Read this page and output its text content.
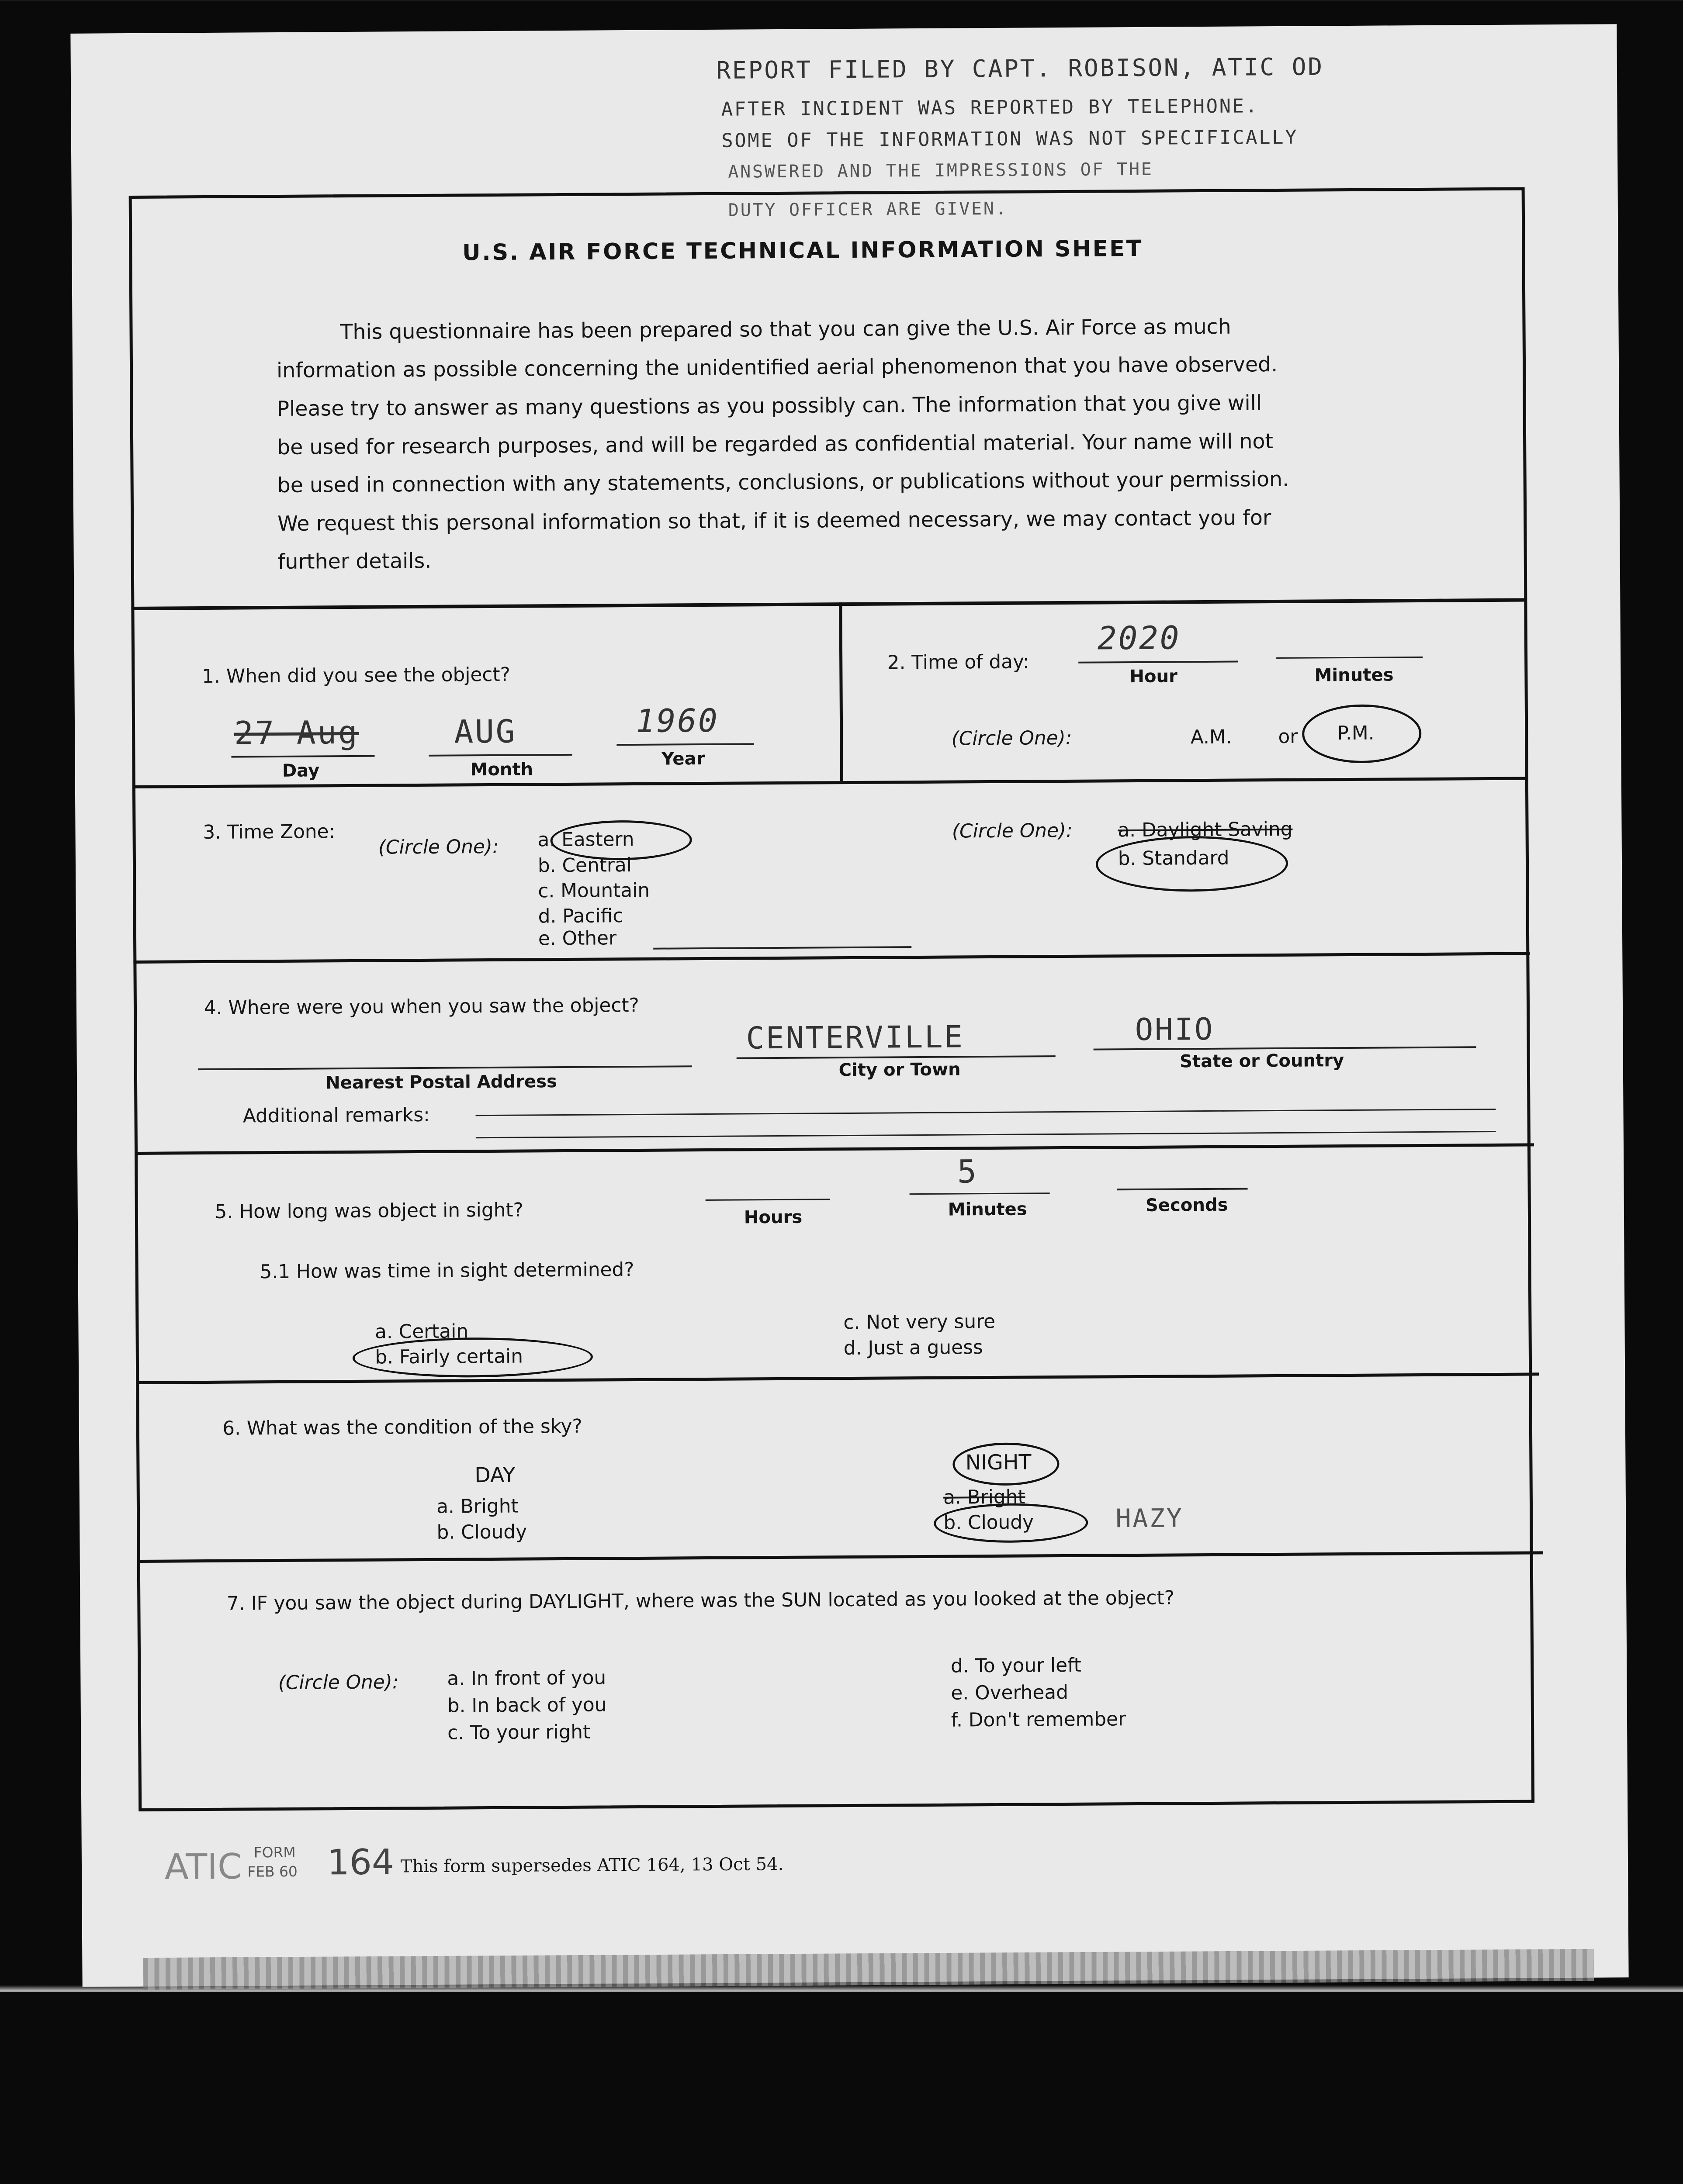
REPORT FILED BY CAPT. ROBISON, ATIC OD
AFTER INCIDENT WAS REPORTED BY TELEPHONE.
SOME OF THE INFORMATION WAS NOT SPECIFICALLY
ANSWERED AND THE IMPRESSIONS OF THE
DUTY OFFICER ARE GIVEN.
U.S. AIR FORCE TECHNICAL INFORMATION SHEET
This questionnaire has been prepared so that you can give the U.S. Air Force as much
information as possible concerning the unidentified aerial phenomenon that you have observed.
Please try to answer as many questions as you possibly can. The information that you give will
be used for research purposes, and will be regarded as confidential material. Your name will not
be used in connection with any statements, conclusions, or publications without your permission.
We request this personal information so that, if it is deemed necessary, we may contact you for
further details.
1. When did you see the object?
27 Aug
Day
AUG
Month
1960
Year
2. Time of day:
2020
Hour	Minutes
(Circle One):	A.M. or P.M.
3. Time Zone:
(Circle One): a. Eastern
b. Central
c. Mountain
d. Pacific
e. Other
(Circle One): a. Daylight Saving
b. Standard
4. Where were you when you saw the object?
Nearest Postal Address
CENTERVILLE
City or Town
OHIO
State or Country
Additional remarks:
5. How long was object in sight?	Hours
5
Minutes	Seconds
5.1 How was time in sight determined?
a. Certain
b. Fairly certain
c. Not very sure
d. Just a guess
6. What was the condition of the sky?
DAY
a. Bright
b. Cloudy
NIGHT
a. Bright
b. Cloudy	HAZY
7. IF you saw the object during DAYLIGHT, where was the SUN located as you looked at the object?
(Circle One):	a. In front of you
b. In back of you
c. To your right
d. To your left
e. Overhead
f. Don't remember
ATIC FORM
FEB 60 164 This form supersedes ATIC 164, 13 Oct 54.
